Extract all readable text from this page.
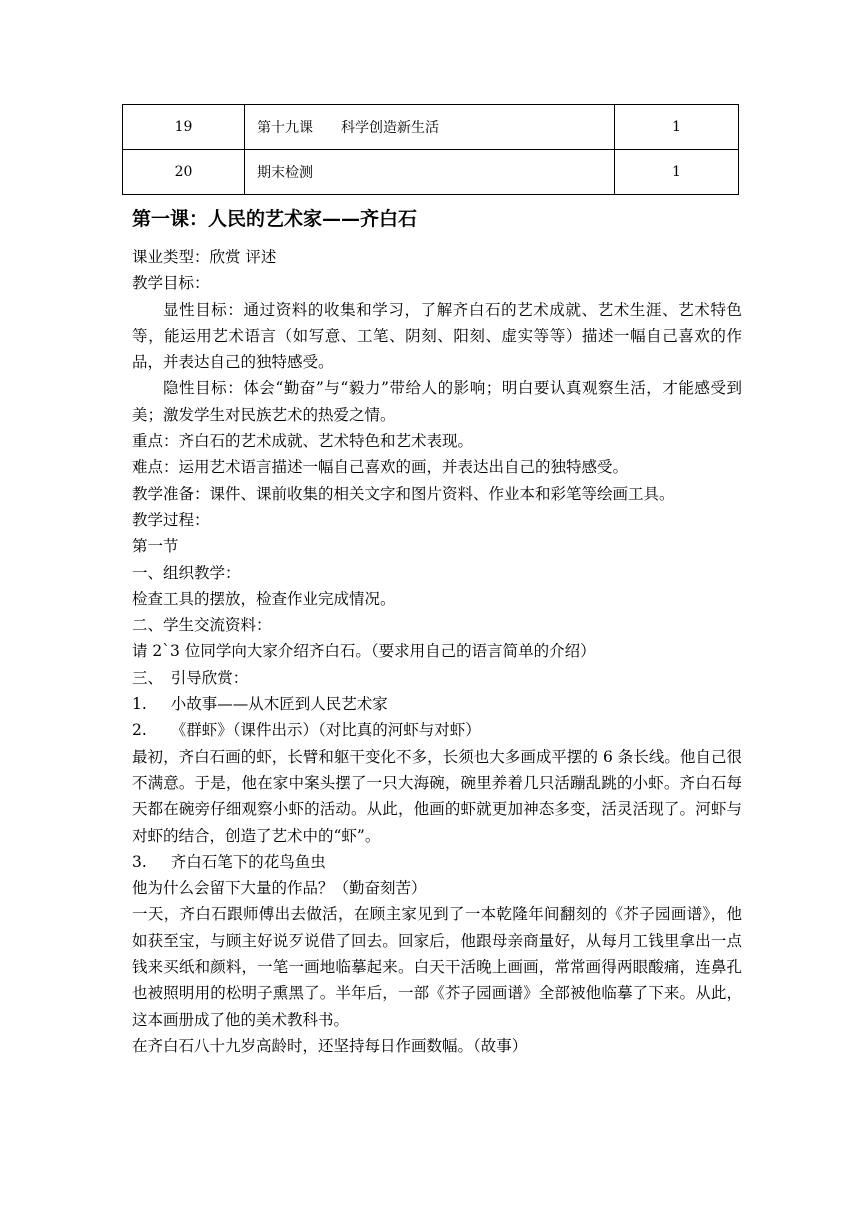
19	第十九课　　科学创造新生活	1
20	期末检测	1
第一课：人民的艺术家——齐白石

课业类型：欣赏 评述

教学目标：

显性目标：通过资料的收集和学习，了解齐白石的艺术成就、艺术生涯、艺术特色等，能运用艺术语言（如写意、工笔、阴刻、阳刻、虚实等等）描述一幅自己喜欢的作品，并表达自己的独特感受。

隐性目标：体会“勤奋”与“毅力”带给人的影响；明白要认真观察生活，才能感受到美；激发学生对民族艺术的热爱之情。

重点：齐白石的艺术成就、艺术特色和艺术表现。

难点：运用艺术语言描述一幅自己喜欢的画，并表达出自己的独特感受。

教学准备：课件、课前收集的相关文字和图片资料、作业本和彩笔等绘画工具。

教学过程：

第一节

一、组织教学：

检查工具的摆放，检查作业完成情况。

二、学生交流资料：

请 2`3 位同学向大家介绍齐白石。（要求用自己的语言简单的介绍）

三、　引导欣赏：

1. 小故事——从木匠到人民艺术家

2. 《群虾》（课件出示）（对比真的河虾与对虾）

最初，齐白石画的虾，长臂和躯干变化不多，长须也大多画成平摆的 6 条长线。他自己很不满意。于是，他在家中案头摆了一只大海碗，碗里养着几只活蹦乱跳的小虾。齐白石每天都在碗旁仔细观察小虾的活动。从此，他画的虾就更加神态多变，活灵活现了。河虾与对虾的结合，创造了艺术中的“虾”。

3. 齐白石笔下的花鸟鱼虫

他为什么会留下大量的作品？（勤奋刻苦）

一天，齐白石跟师傅出去做活，在顾主家见到了一本乾隆年间翻刻的《芥子园画谱》，他如获至宝，与顾主好说歹说借了回去。回家后，他跟母亲商量好，从每月工钱里拿出一点钱来买纸和颜料，一笔一画地临摹起来。白天干活晚上画画，常常画得两眼酸痛，连鼻孔也被照明用的松明子熏黑了。半年后，一部《芥子园画谱》全部被他临摹了下来。从此，这本画册成了他的美术教科书。

在齐白石八十九岁高龄时，还坚持每日作画数幅。（故事）
